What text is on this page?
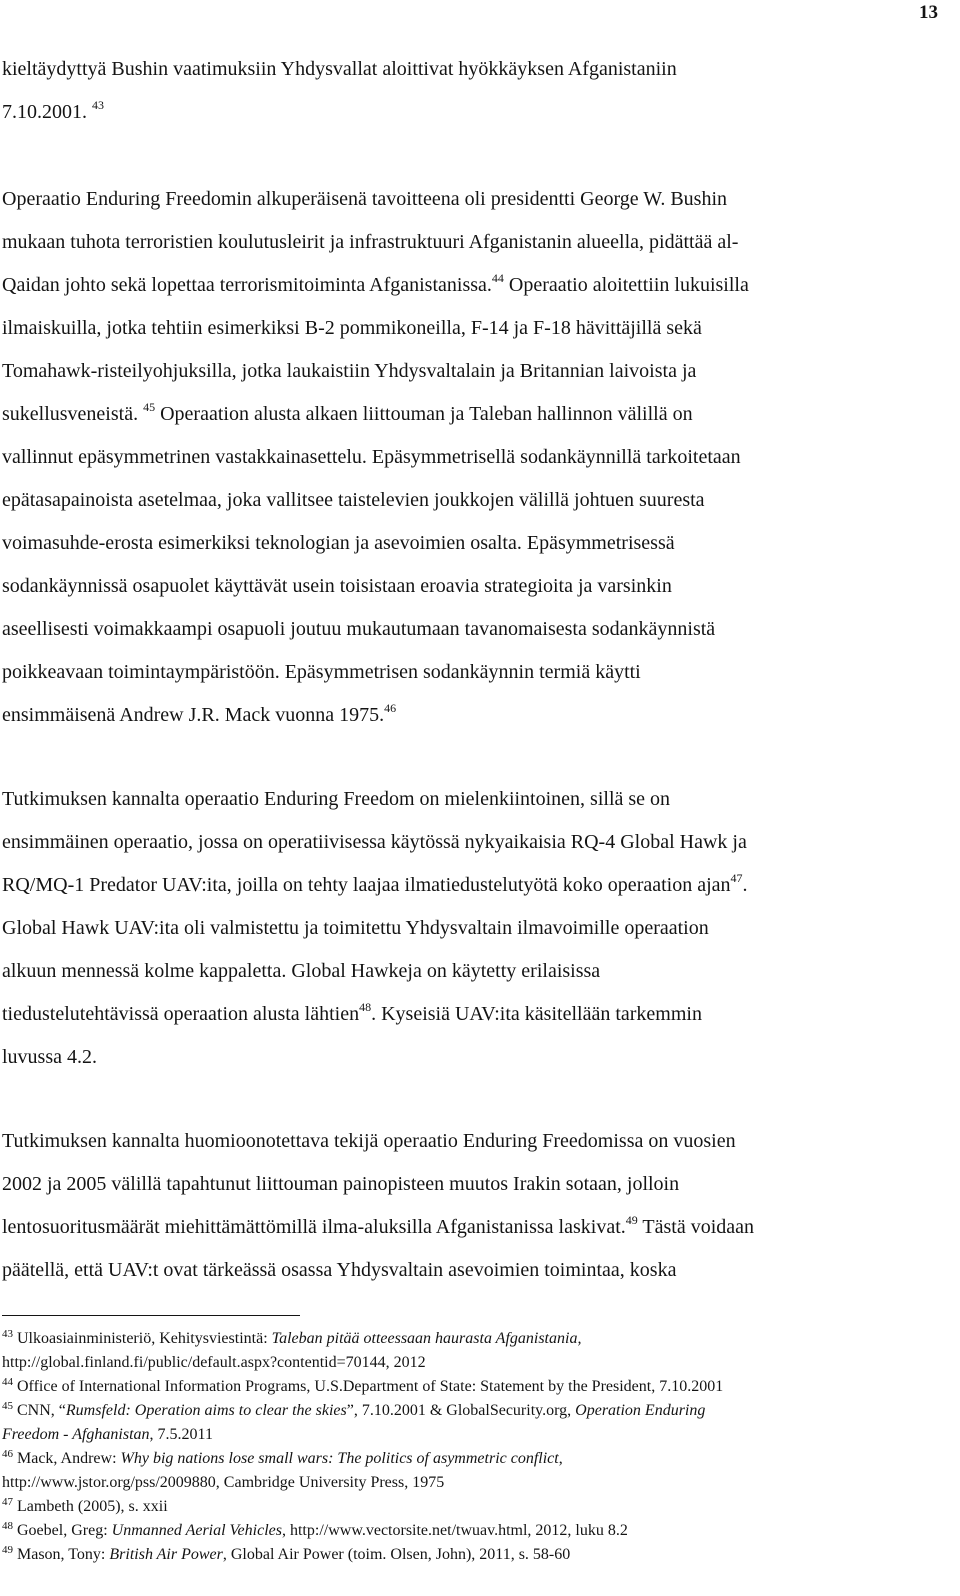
13

kieltäydyttyä Bushin vaatimuksiin Yhdysvallat aloittivat hyökkäyksen Afganistaniin
7.10.2001. $^{43}$

Operaatio Enduring Freedomin alkuperäisenä tavoitteena oli presidentti George W. Bushin
mukaan tuhota terroristien koulutusleirit ja infrastruktuuri Afganistanin alueella, pidättää al-
Qaidan johto sekä lopettaa terrorismitoiminta Afganistanissa.$^{44}$ Operaatio aloitettiin lukuisilla
ilmaiskuilla, jotka tehtiin esimerkiksi B-2 pommikoneilla, F-14 ja F-18 hävittäjillä sekä
Tomahawk-risteilyohjuksilla, jotka laukaistiin Yhdysvaltalain ja Britannian laivoista ja
sukellusveneistä. $^{45}$ Operaation alusta alkaen liittouman ja Taleban hallinnon välillä on
vallinnut epäsymmetrinen vastakkainasettelu. Epäsymmetrisellä sodankäynnillä tarkoitetaan
epätasapainoista asetelmaa, joka vallitsee taistelevien joukkojen välillä johtuen suuresta
voimasuhde-erosta esimerkiksi teknologian ja asevoimien osalta. Epäsymmetrisessä
sodankäynnissä osapuolet käyttävät usein toisistaan eroavia strategioita ja varsinkin
aseellisesti voimakkaampi osapuoli joutuu mukautumaan tavanomaisesta sodankäynnistä
poikkeavaan toimintaympäristöön. Epäsymmetrisen sodankäynnin termiä käytti
ensimmäisenä Andrew J.R. Mack vuonna 1975.46

Tutkimuksen kannalta operaatio Enduring Freedom on mielenkiintoinen, sillä se on
ensimmäinen operaatio, jossa on operatiivisessa käytössä nykyaikaisia RQ-4 Global Hawk ja
RQ/MQ-1 Predator UAV:ita, joilla on tehty laajaa ilmatiedustelutyötä koko operaation ajan$^{47}$.
Global Hawk UAV:ita oli valmistettu ja toimitettu Yhdysvaltain ilmavoimille operaation
alkuun mennessä kolme kappaletta. Global Hawkeja on käytetty erilaisissa
tiedustelutehtävissä operaation alusta lähtien$^{48}$. Kyseisiä UAV:ita käsitellään tarkemmin
luvussa 4.2.

Tutkimuksen kannalta huomioonotettava tekijä operaatio Enduring Freedomissa on vuosien
2002 ja 2005 välillä tapahtunut liittouman painopisteen muutos Irakin sotaan, jolloin
lentosuoritusmäärät miehittämättömillä ilma-aluksilla Afganistanissa laskivat.$^{49}$ Tästä voidaan
päätellä, että UAV:t ovat tärkeässä osassa Yhdysvaltain asevoimien toimintaa, koska

$^{43}$ Ulkoasiainministeriö, Kehitysviestintä: Taleban pitää otteessaan haurasta Afganistania,
http://global.finland.fi/public/default.aspx?contentid=70144, 2012
$^{44}$ Office of International Information Programs, U.S.Department of State: Statement by the President, 7.10.2001
$^{45}$ CNN, “Rumsfeld: Operation aims to clear the skies”, 7.10.2001 & GlobalSecurity.org, Operation Enduring
Freedom - Afghanistan, 7.5.2011
$^{46}$ Mack, Andrew: Why big nations lose small wars: The politics of asymmetric conflict,
http://www.jstor.org/pss/2009880, Cambridge University Press, 1975
$^{47}$ Lambeth (2005), s. xxii
$^{48}$ Goebel, Greg: Unmanned Aerial Vehicles, http://www.vectorsite.net/twuav.html, 2012, luku 8.2
$^{49}$ Mason, Tony: British Air Power, Global Air Power (toim. Olsen, John), 2011, s. 58-60
